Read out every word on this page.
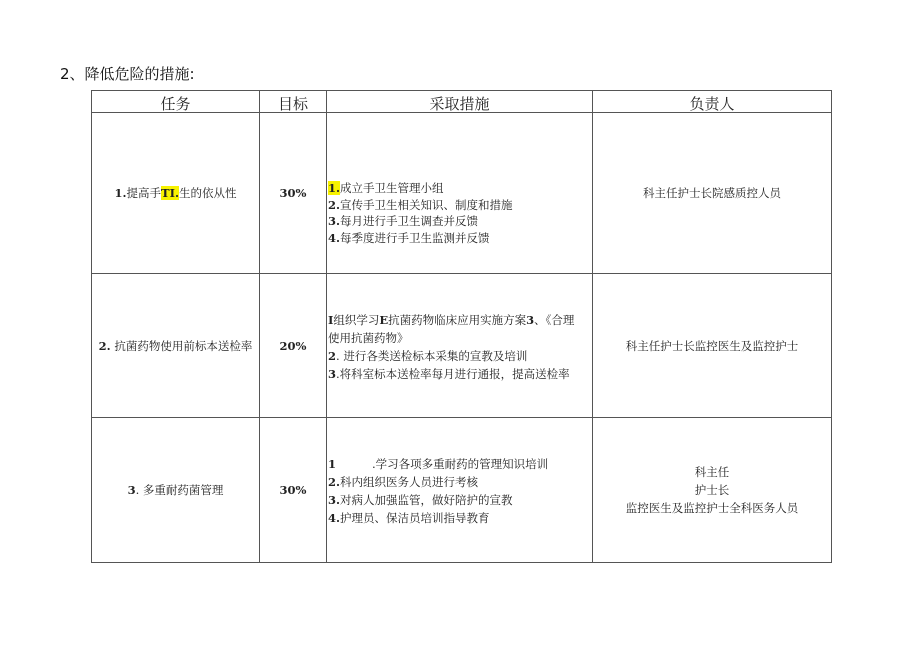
2、降低危险的措施:
任务	目标	采取措施	负责人
1.提高手TI.生的依从性	30%	1.成立手卫生管理小组
2.宣传手卫生相关知识、制度和措施
3.每月进行手卫生调查并反馈
4.每季度进行手卫生监测并反馈	科主任护士长院感质控人员

2. 抗菌药物使用前标本送检率	20%	I组织学习E抗菌药物临床应用实施方案3、《合理
使用抗菌药物》
2. 进行各类送检标本采集的宣教及培训
3.将科室标本送检率每月进行通报，提高送检率	科主任护士长监控医生及监控护士

3. 多重耐药菌管理	30%	1 .学习各项多重耐药的管理知识培训
2.科内组织医务人员进行考核
3.对病人加强监管，做好陪护的宣教
4.护理员、保洁员培训指导教育	科主任
护士长
监控医生及监控护士全科医务人员
